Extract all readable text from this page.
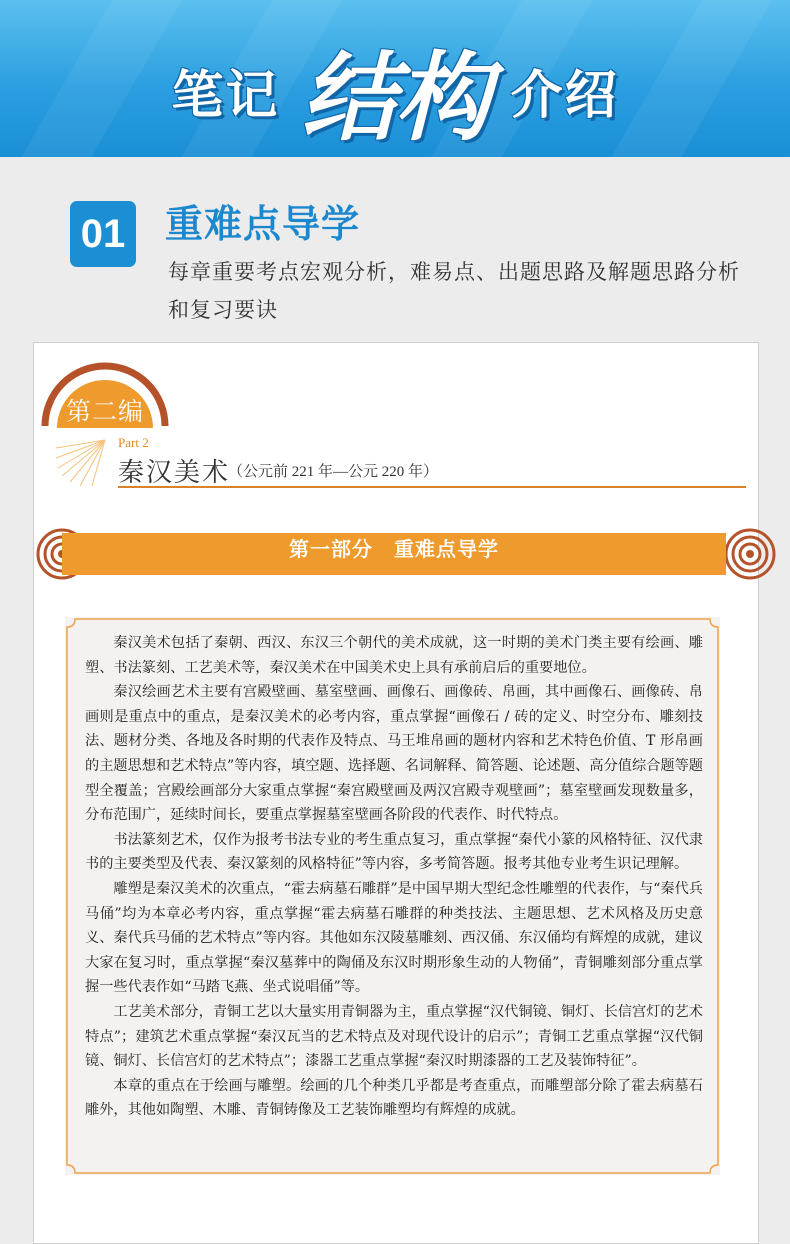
笔记 结构 介绍
01 重难点导学
每章重要考点宏观分析，难易点、出题思路及解题思路分析和复习要诀
第二编
Part 2
秦汉美术
（公元前 221 年—公元 220 年）
第一部分　重难点导学

秦汉美术包括了秦朝、西汉、东汉三个朝代的美术成就，这一时期的美术门类主要有绘画、雕塑、书法篆刻、工艺美术等，秦汉美术在中国美术史上具有承前启后的重要地位。

秦汉绘画艺术主要有宫殿壁画、墓室壁画、画像石、画像砖、帛画，其中画像石、画像砖、帛画则是重点中的重点，是秦汉美术的必考内容，重点掌握“画像石 / 砖的定义、时空分布、雕刻技法、题材分类、各地及各时期的代表作及特点、马王堆帛画的题材内容和艺术特色价值、T 形帛画的主题思想和艺术特点”等内容，填空题、选择题、名词解释、简答题、论述题、高分值综合题等题型全覆盖；宫殿绘画部分大家重点掌握“秦宫殿壁画及两汉宫殿寺观壁画”；墓室壁画发现数量多，分布范围广，延续时间长，要重点掌握墓室壁画各阶段的代表作、时代特点。

书法篆刻艺术，仅作为报考书法专业的考生重点复习，重点掌握“秦代小篆的风格特征、汉代隶书的主要类型及代表、秦汉篆刻的风格特征”等内容，多考简答题。报考其他专业考生识记理解。

雕塑是秦汉美术的次重点，“霍去病墓石雕群”是中国早期大型纪念性雕塑的代表作，与“秦代兵马俑”均为本章必考内容，重点掌握“霍去病墓石雕群的种类技法、主题思想、艺术风格及历史意义、秦代兵马俑的艺术特点”等内容。其他如东汉陵墓雕刻、西汉俑、东汉俑均有辉煌的成就，建议大家在复习时，重点掌握“秦汉墓葬中的陶俑及东汉时期形象生动的人物俑”，青铜雕刻部分重点掌握一些代表作如“马踏飞燕、坐式说唱俑”等。

工艺美术部分，青铜工艺以大量实用青铜器为主，重点掌握“汉代铜镜、铜灯、长信宫灯的艺术特点”；建筑艺术重点掌握“秦汉瓦当的艺术特点及对现代设计的启示”；青铜工艺重点掌握“汉代铜镜、铜灯、长信宫灯的艺术特点”；漆器工艺重点掌握“秦汉时期漆器的工艺及装饰特征”。

本章的重点在于绘画与雕塑。绘画的几个种类几乎都是考查重点，而雕塑部分除了霍去病墓石雕外，其他如陶塑、木雕、青铜铸像及工艺装饰雕塑均有辉煌的成就。
